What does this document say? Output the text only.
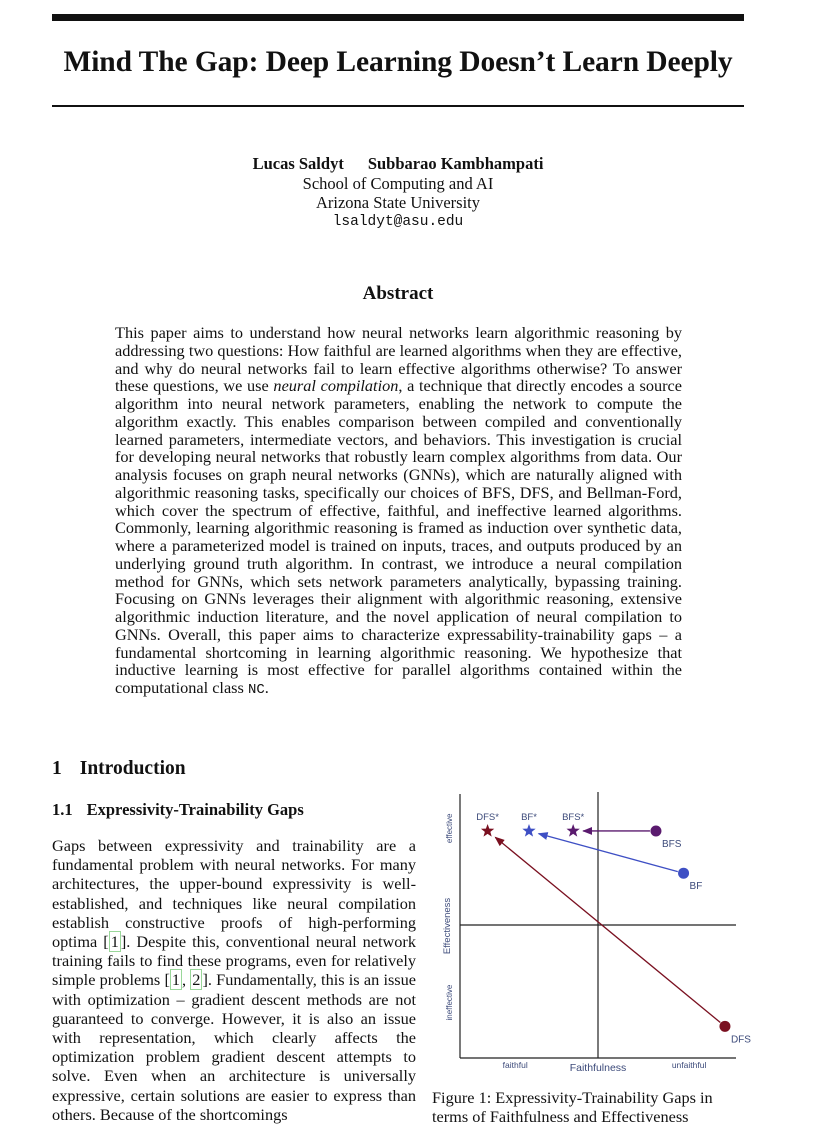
Mind The Gap: Deep Learning Doesn’t Learn Deeply
Lucas Saldyt Subbarao Kambhampati
School of Computing and AI
Arizona State University
lsaldyt@asu.edu
Abstract
This paper aims to understand how neural networks learn algorithmic reasoning by addressing two questions: How faithful are learned algorithms when they are effective, and why do neural networks fail to learn effective algorithms otherwise? To answer these questions, we use neural compilation, a technique that directly encodes a source algorithm into neural network parameters, enabling the network to compute the algorithm exactly. This enables comparison between compiled and conventionally learned parameters, intermediate vectors, and behaviors. This investigation is crucial for developing neural networks that robustly learn complex algorithms from data. Our analysis focuses on graph neural networks (GNNs), which are naturally aligned with algorithmic reasoning tasks, specifically our choices of BFS, DFS, and Bellman-Ford, which cover the spectrum of effective, faithful, and ineffective learned algorithms. Commonly, learning algorithmic reasoning is framed as induction over synthetic data, where a parameterized model is trained on inputs, traces, and outputs produced by an underlying ground truth algorithm. In contrast, we introduce a neural compilation method for GNNs, which sets network parameters analytically, bypassing training. Focusing on GNNs leverages their alignment with algorithmic reasoning, extensive algorithmic induction literature, and the novel application of neural compilation to GNNs. Overall, this paper aims to characterize expressability-trainability gaps – a fundamental shortcoming in learning algorithmic reasoning. We hypothesize that inductive learning is most effective for parallel algorithms contained within the computational class NC.
1 Introduction
1.1 Expressivity-Trainability Gaps
Gaps between expressivity and trainability are a fundamental problem with neural networks. For many architectures, the upper-bound expressivity is well-established, and techniques like neural compilation establish constructive proofs of high-performing optima [ 1 ]. Despite this, conventional neural network training fails to find these programs, even for relatively simple problems [ 1 , 2 ]. Fundamentally, this is an issue with optimization – gradient descent methods are not guaranteed to converge. However, it is also an issue with representation, which clearly affects the optimization problem gradient descent attempts to solve. Even when an architecture is universally expressive, certain solutions are easier to express than others. Because of the shortcomings
BFS
BF
DFS
DFS* BF*	BFS*
Faithfulness
faithful	unfaithful
Effectiveness
effective
ineffective
Figure 1: Expressivity-Trainability Gaps in terms of Faithfulness and Effectiveness
